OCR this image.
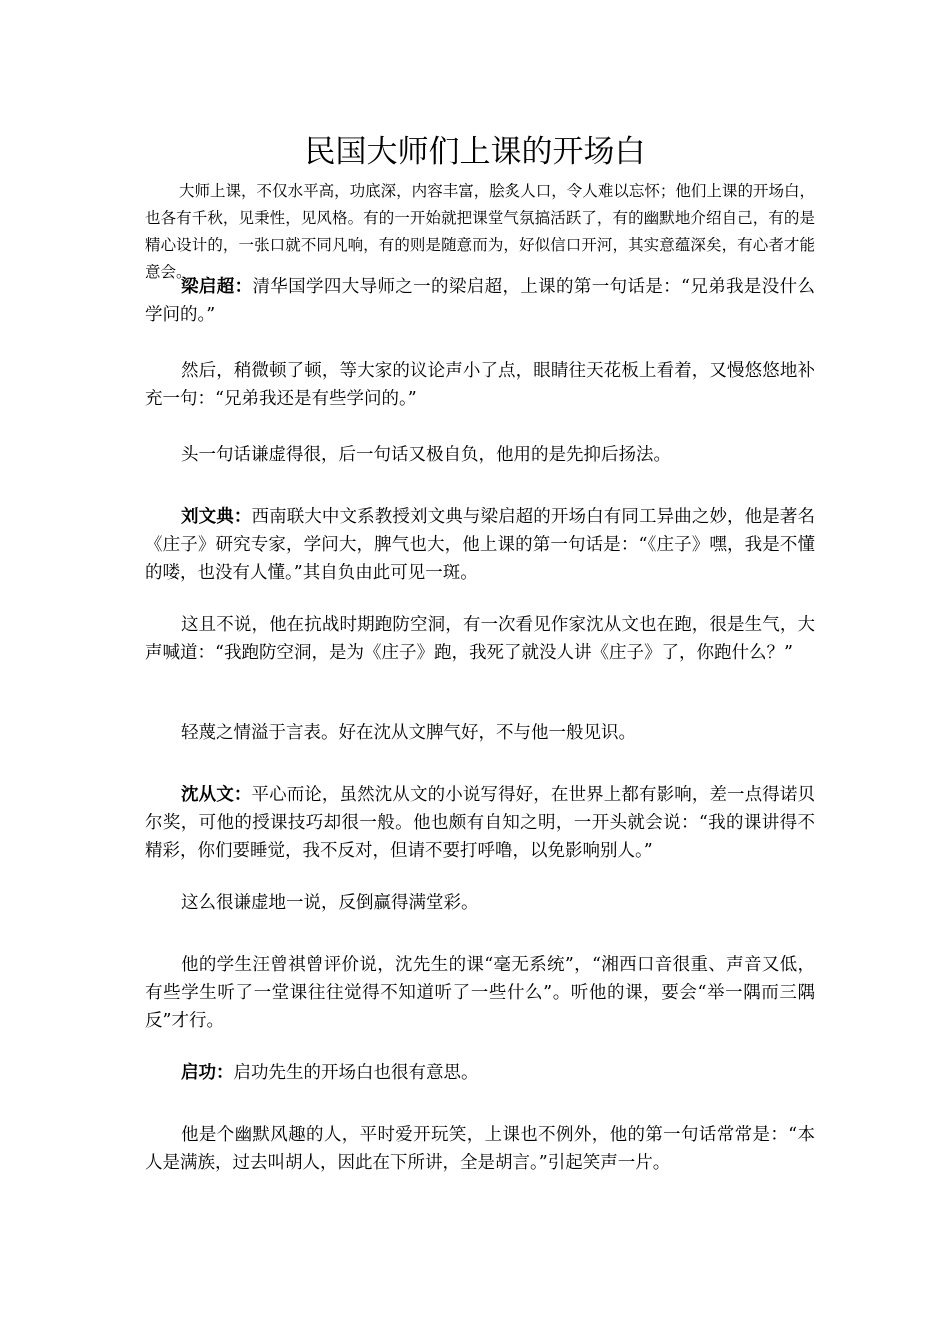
民国大师们上课的开场白

大师上课，不仅水平高，功底深，内容丰富，脍炙人口，令人难以忘怀；他们上课的开场白，也各有千秋，见秉性，见风格。有的一开始就把课堂气氛搞活跃了，有的幽默地介绍自己，有的是精心设计的，一张口就不同凡响，有的则是随意而为，好似信口开河，其实意蕴深矣，有心者才能意会。

梁启超：清华国学四大导师之一的梁启超，上课的第一句话是：“兄弟我是没什么学问的。”

然后，稍微顿了顿，等大家的议论声小了点，眼睛往天花板上看着，又慢悠悠地补充一句：“兄弟我还是有些学问的。”

头一句话谦虚得很，后一句话又极自负，他用的是先抑后扬法。

刘文典：西南联大中文系教授刘文典与梁启超的开场白有同工异曲之妙，他是著名《庄子》研究专家，学问大，脾气也大，他上课的第一句话是：“《庄子》嘿，我是不懂的喽，也没有人懂。”其自负由此可见一斑。

这且不说，他在抗战时期跑防空洞，有一次看见作家沈从文也在跑，很是生气，大声喊道：“我跑防空洞，是为《庄子》跑，我死了就没人讲《庄子》了，你跑什么？”

轻蔑之情溢于言表。好在沈从文脾气好，不与他一般见识。

沈从文：平心而论，虽然沈从文的小说写得好，在世界上都有影响，差一点得诺贝尔奖，可他的授课技巧却很一般。他也颇有自知之明，一开头就会说：“我的课讲得不精彩，你们要睡觉，我不反对，但请不要打呼噜，以免影响别人。”

这么很谦虚地一说，反倒赢得满堂彩。

他的学生汪曾祺曾评价说，沈先生的课“毫无系统”，“湘西口音很重、声音又低，有些学生听了一堂课往往觉得不知道听了一些什么”。听他的课，要会“举一隅而三隅反”才行。

启功：启功先生的开场白也很有意思。

他是个幽默风趣的人，平时爱开玩笑，上课也不例外，他的第一句话常常是：“本人是满族，过去叫胡人，因此在下所讲，全是胡言。”引起笑声一片。
